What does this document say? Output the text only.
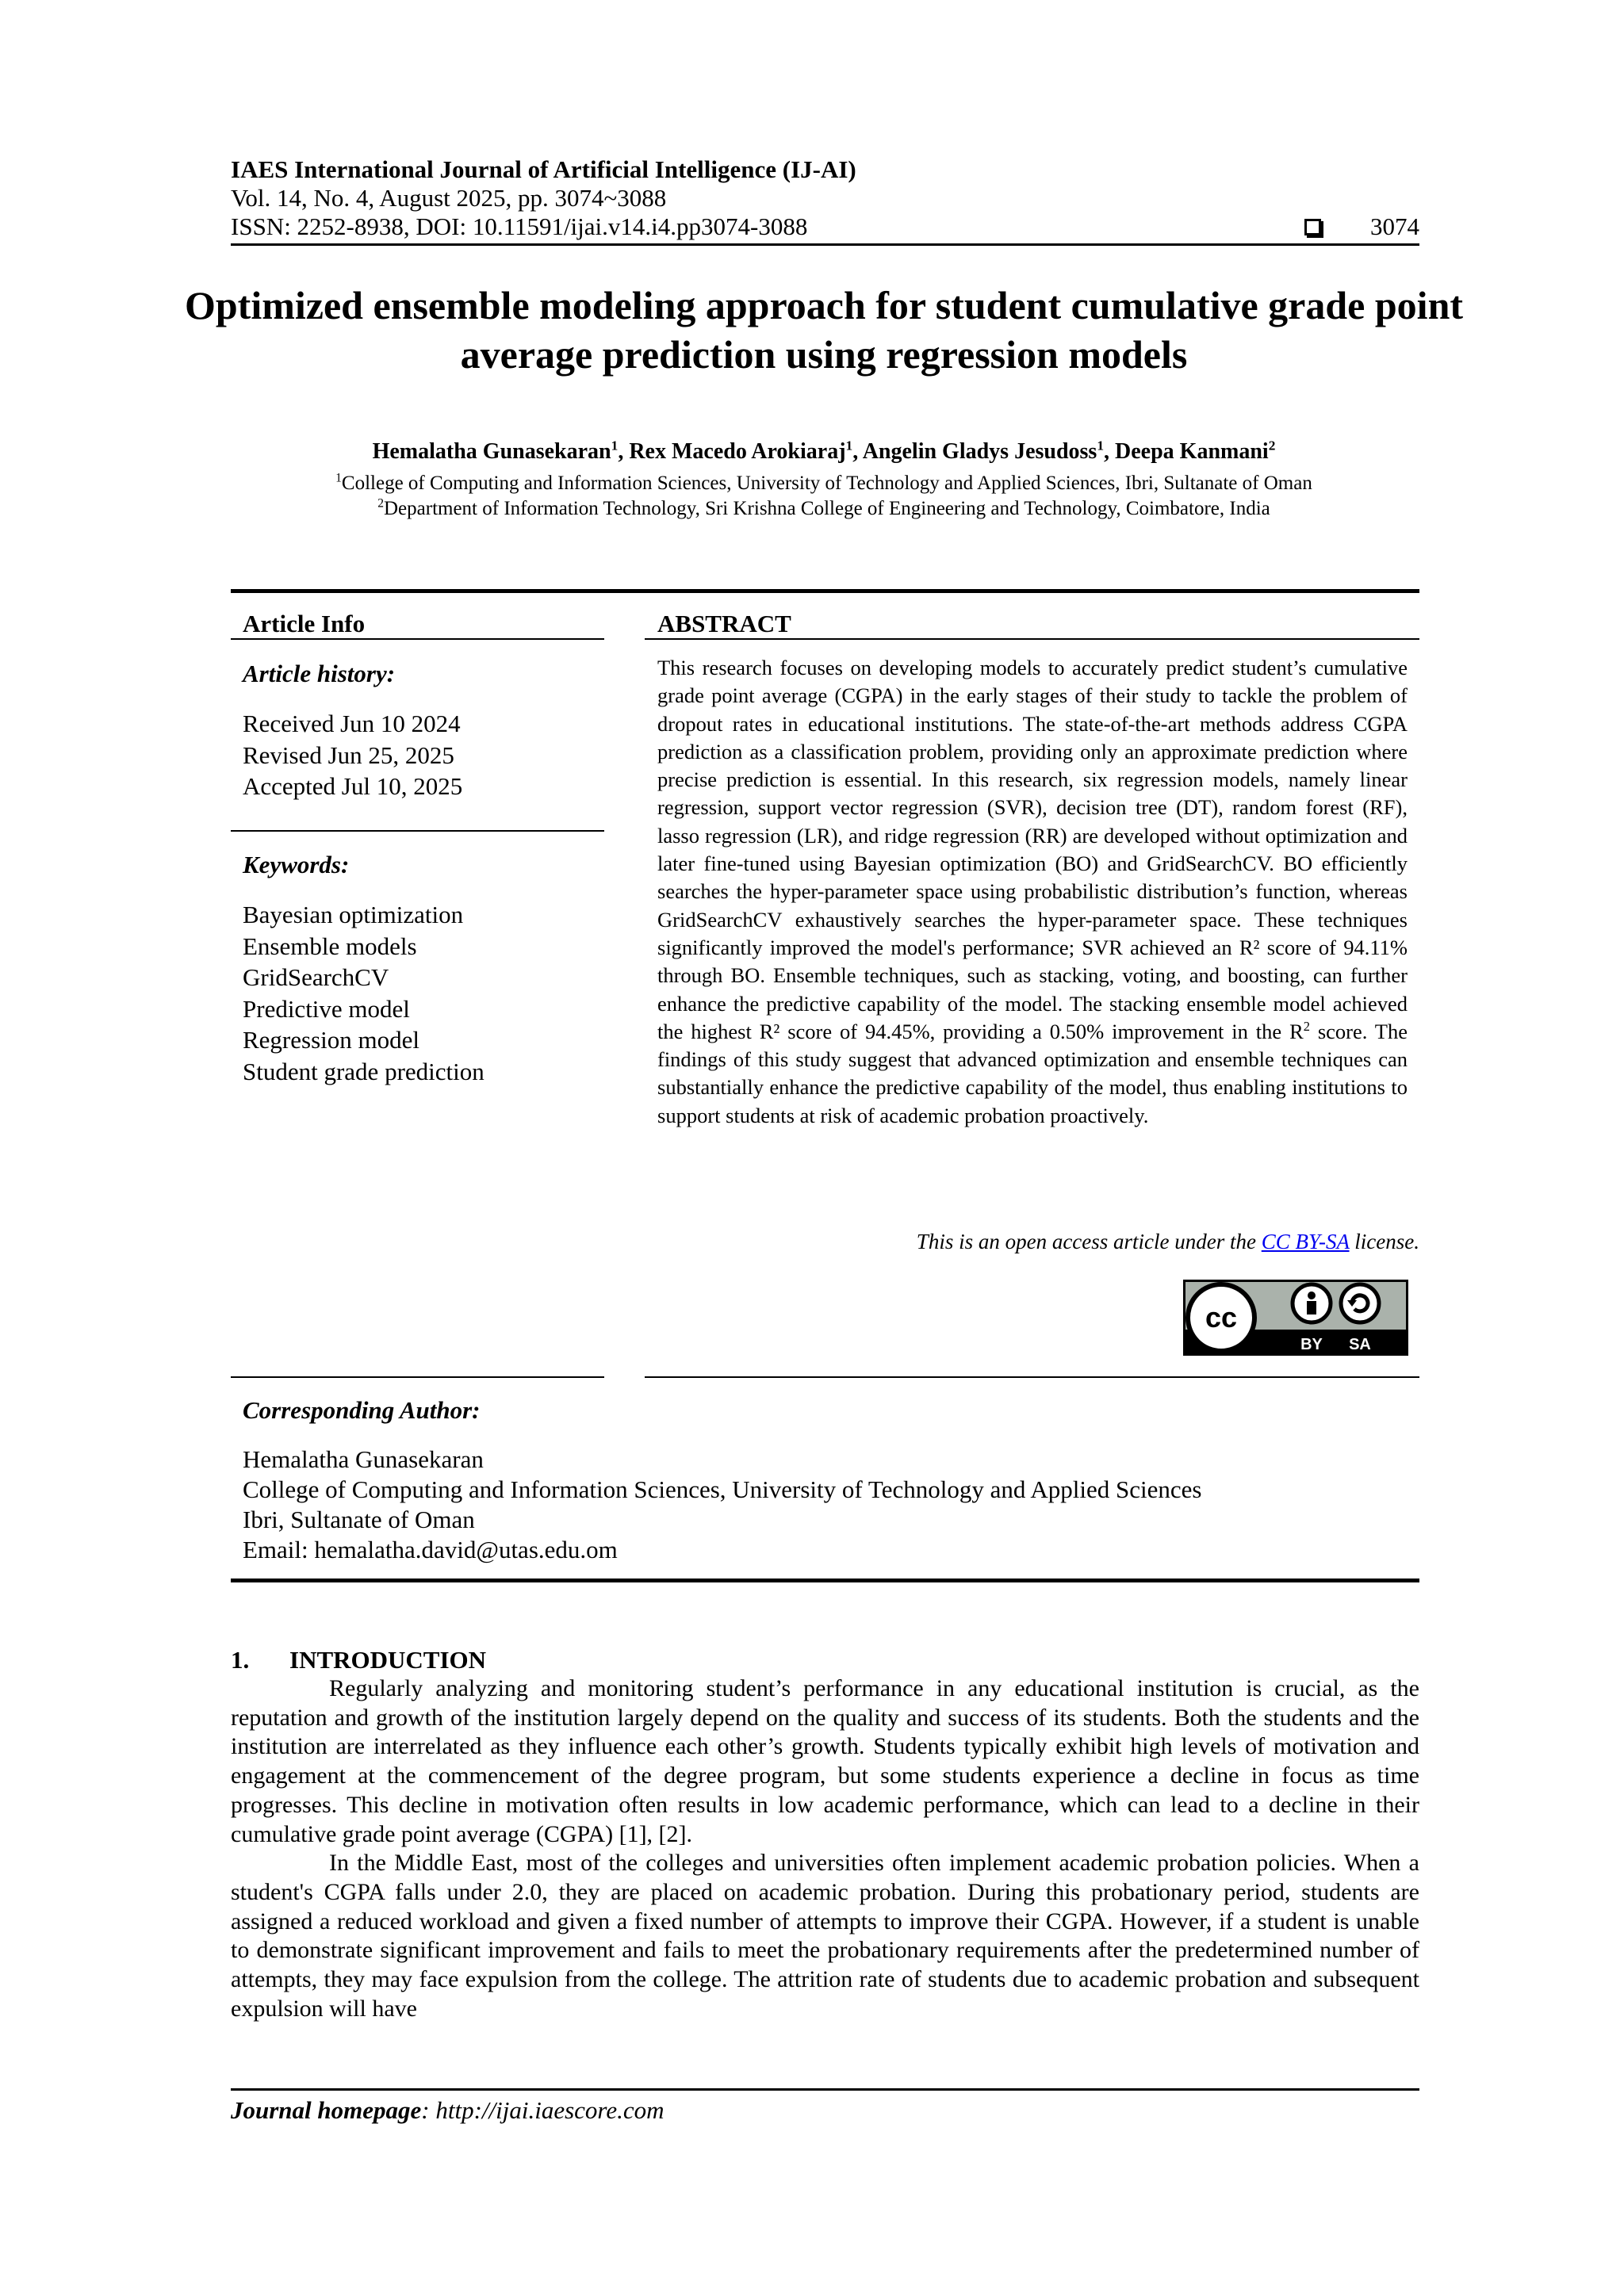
IAES International Journal of Artificial Intelligence (IJ-AI)
Vol. 14, No. 4, August 2025, pp. 3074~3088
ISSN: 2252-8938, DOI: 10.11591/ijai.v14.i4.pp3074-3088	3074
Optimized ensemble modeling approach for student cumulative grade point average prediction using regression models
Hemalatha Gunasekaran$^1$, Rex Macedo Arokiaraj$^1$, Angelin Gladys Jesudoss$^1$, Deepa Kanmani$^2$
$^1$College of Computing and Information Sciences, University of Technology and Applied Sciences, Ibri, Sultanate of Oman
$^2$Department of Information Technology, Sri Krishna College of Engineering and Technology, Coimbatore, India
Article Info	ABSTRACT
Article history:
Received Jun 10 2024
Revised Jun 25, 2025
Accepted Jul 10, 2025
Keywords:
Bayesian optimization
Ensemble models
GridSearchCV
Predictive model
Regression model
Student grade prediction

This research focuses on developing models to accurately predict student’s cumulative grade point average (CGPA) in the early stages of their study to tackle the problem of dropout rates in educational institutions. The state-of-the-art methods address CGPA prediction as a classification problem, providing only an approximate prediction where precise prediction is essential. In this research, six regression models, namely linear regression, support vector regression (SVR), decision tree (DT), random forest (RF), lasso regression (LR), and ridge regression (RR) are developed without optimization and later fine-tuned using Bayesian optimization (BO) and GridSearchCV. BO efficiently searches the hyper-parameter space using probabilistic distribution’s function, whereas GridSearchCV exhaustively searches the hyper-parameter space. These techniques significantly improved the model's performance; SVR achieved an R² score of 94.11% through BO. Ensemble techniques, such as stacking, voting, and boosting, can further enhance the predictive capability of the model. The stacking ensemble model achieved the highest R² score of 94.45%, providing a 0.50% improvement in the $R^2$ score. The findings of this study suggest that advanced optimization and ensemble techniques can substantially enhance the predictive capability of the model, thus enabling institutions to support students at risk of academic probation proactively.

This is an open access article under the CC BY-SA license.
cc
BY SA
Corresponding Author:
Hemalatha Gunasekaran
College of Computing and Information Sciences, University of Technology and Applied Sciences
Ibri, Sultanate of Oman
Email: hemalatha.david@utas.edu.om
1. INTRODUCTION

Regularly analyzing and monitoring student’s performance in any educational institution is crucial, as the reputation and growth of the institution largely depend on the quality and success of its students. Both the students and the institution are interrelated as they influence each other’s growth. Students typically exhibit high levels of motivation and engagement at the commencement of the degree program, but some students experience a decline in focus as time progresses. This decline in motivation often results in low academic performance, which can lead to a decline in their cumulative grade point average (CGPA) [1], [2].

In the Middle East, most of the colleges and universities often implement academic probation policies. When a student's CGPA falls under 2.0, they are placed on academic probation. During this probationary period, students are assigned a reduced workload and given a fixed number of attempts to improve their CGPA. However, if a student is unable to demonstrate significant improvement and fails to meet the probationary requirements after the predetermined number of attempts, they may face expulsion from the college. The attrition rate of students due to academic probation and subsequent expulsion will have

Journal homepage: http://ijai.iaescore.com
